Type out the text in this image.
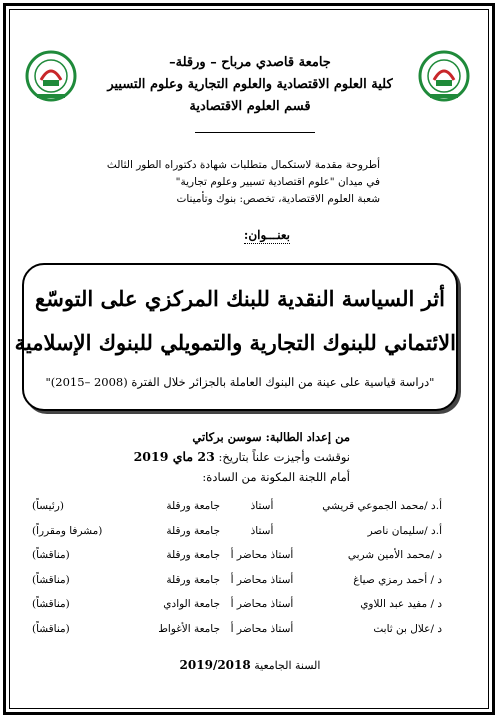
جامعة قاصدي مرباح – ورقلة–
كلية العلوم الاقتصادية والعلوم التجارية وعلوم التسيير
قسم العلوم الاقتصادية
أطروحة مقدمة لاستكمال متطلبات شهادة دكتوراه الطور الثالث
في ميدان "علوم اقتصادية تسيير وعلوم تجارية"
شعبة العلوم الاقتصادية، تخصص: بنوك وتأمينات
بعنـــوان:
أثر السياسة النقدية للبنك المركزي على التوسّع
الائتماني للبنوك التجارية والتمويلي للبنوك الإسلامية
"دراسة قياسية على عينة من البنوك العاملة بالجزائر خلال الفترة (2008 –2015)"
من إعداد الطالبة: سوسن بركاتي
نوقشت وأجيزت علناً بتاريخ: 23 ماي 2019
أمام اللجنة المكونة من السادة:
أ.د /محمد الجموعي قريشي
أستاذ
جامعة ورقلة
(رئيساً)
أ.د /سليمان ناصر
أستاذ
جامعة ورقلة
(مشرفا ومقرراً)
د /محمد الأمين شربي
أستاذ محاضر أ
جامعة ورقلة
(مناقشاً)
د / أحمد رمزي صياغ
أستاذ محاضر أ
جامعة ورقلة
(مناقشاً)
د / مفيد عبد اللاوي
أستاذ محاضر أ
جامعة الوادي
(مناقشاً)
د /علال بن ثابت
أستاذ محاضر أ
جامعة الأغواط
(مناقشاً)
السنة الجامعية 2019/2018
